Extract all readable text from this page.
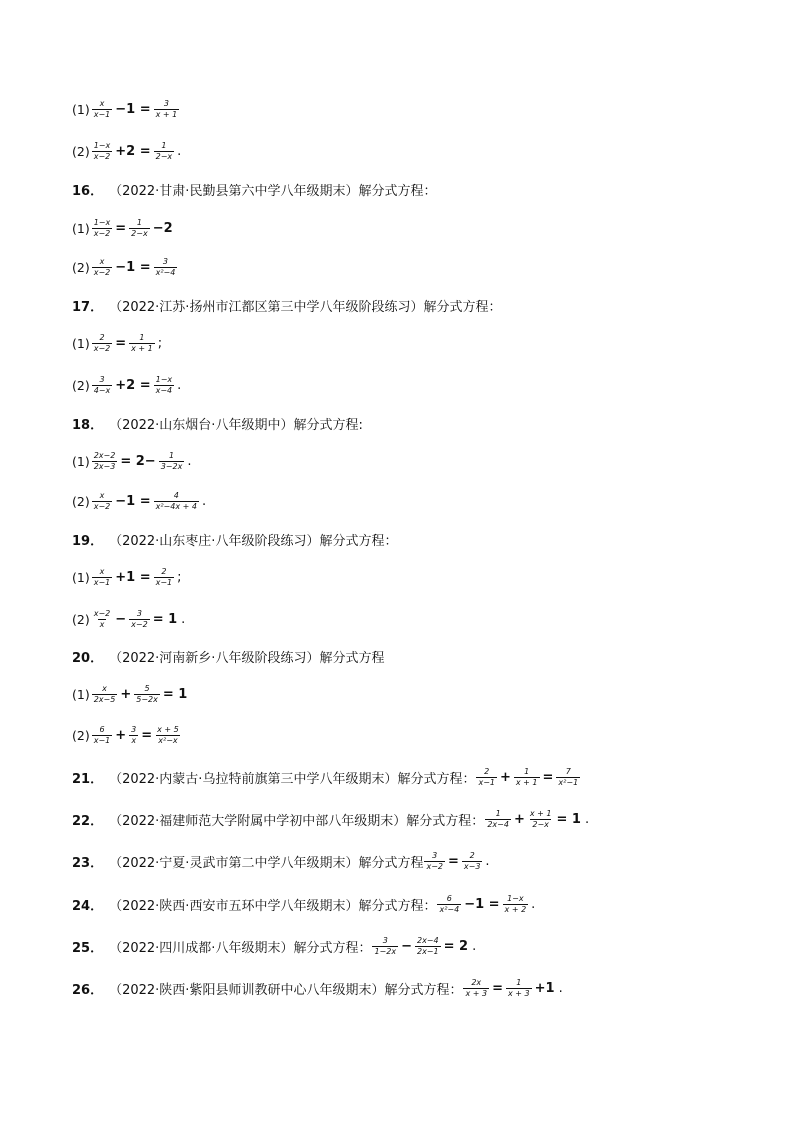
$(1) \frac{x}{x-1} -1 = \frac{3}{x + 1}$
$(2) \frac{1-x}{x-2} +2 = \frac{1}{2-x}$ .
16． （2022·甘肃·民勤县第六中学八年级期末）解分式方程：
$(1) \frac{1-x}{x-2} = \frac{1}{2-x} -2$
$(2) \frac{x}{x-2} -1 = \frac{3}{\text{x²−4}}$
17． （2022·江苏·扬州市江都区第三中学八年级阶段练习）解分式方程：
$(1) \frac{2}{x-2} = \frac{1}{x + 1}$ ;
$(2) \frac{3}{4-x} +2 = \frac{1-x}{x-4}$ .
18． （2022·山东烟台·八年级期中）解分式方程:
$(1) \frac{2x-2}{2x-3} = 2- \frac{1}{3-2x}$ .
$(2) \frac{x}{x-2} -1 = \frac{4}{\text{x²−4x + 4}}$ .
19． （2022·山东枣庄·八年级阶段练习）解分式方程：
$(1) \frac{x}{x-1} +1 = \frac{2}{x-1}$ ;
$(2) \frac{x-2}{x} - \frac{3}{x-2} = 1$ .
20． （2022·河南新乡·八年级阶段练习）解分式方程
$(1) \frac{x}{2x-5} + \frac{5}{5-2x} = 1$
$(2) \frac{6}{x-1} + \frac{3}{x} = \frac{x + 5}{\text{x²−x}}$
21． （2022·内蒙古·乌拉特前旗第三中学八年级期末）解分式方程： $\frac{2}{x-1} + \frac{1}{x + 1} = \frac{7}{\text{x²−1}}$
22． （2022·福建师范大学附属中学初中部八年级期末）解分式方程： $\frac{1}{2x-4} + \frac{x + 1}{2-x} = 1$ .
23． （2022·宁夏·灵武市第二中学八年级期末）解分式方程 $\frac{3}{x-2} = \frac{2}{x-3}$ .
24． （2022·陕西·西安市五环中学八年级期末）解分式方程： $\frac{6}{\text{x²−4}} -1 = \frac{1-x}{x + 2}$ .
25． （2022·四川成都·八年级期末）解分式方程： $\frac{3}{1-2x} - \frac{2x-4}{2x-1} = 2$ .
26． （2022·陕西·紫阳县师训教研中心八年级期末）解分式方程： $\frac{2x}{x + 3} = \frac{1}{x + 3} +1$ .
